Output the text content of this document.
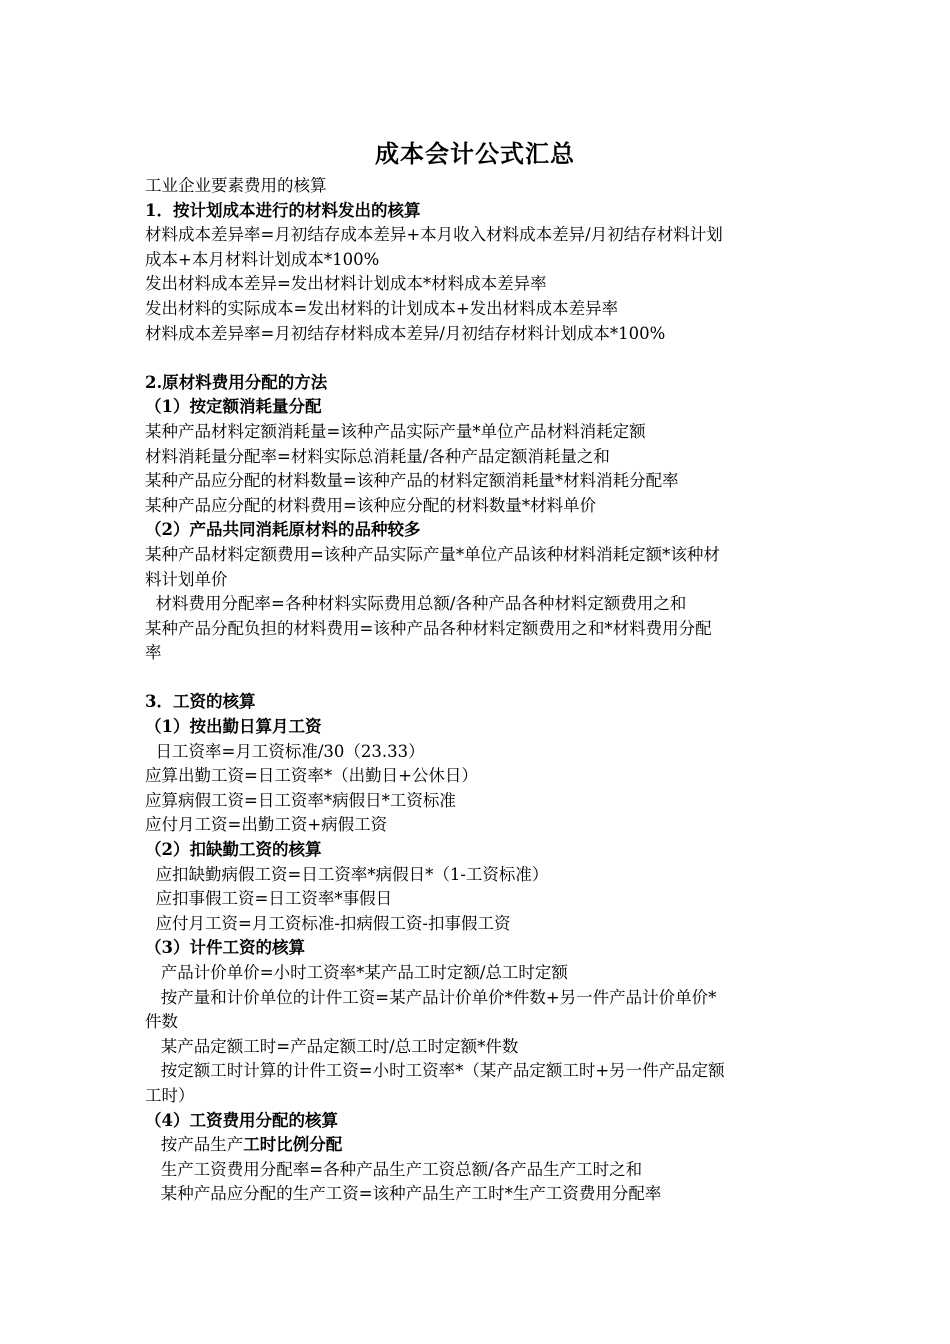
成本会计公式汇总

工业企业要素费用的核算

1．按计划成本进行的材料发出的核算

材料成本差异率=月初结存成本差异+本月收入材料成本差异/月初结存材料计划

成本+本月材料计划成本*100%

发出材料成本差异=发出材料计划成本*材料成本差异率

发出材料的实际成本=发出材料的计划成本+发出材料成本差异率

材料成本差异率=月初结存材料成本差异/月初结存材料计划成本*100%

2.原材料费用分配的方法

（1）按定额消耗量分配

某种产品材料定额消耗量=该种产品实际产量*单位产品材料消耗定额

材料消耗量分配率=材料实际总消耗量/各种产品定额消耗量之和

某种产品应分配的材料数量=该种产品的材料定额消耗量*材料消耗分配率

某种产品应分配的材料费用=该种应分配的材料数量*材料单价

（2）产品共同消耗原材料的品种较多

某种产品材料定额费用=该种产品实际产量*单位产品该种材料消耗定额*该种材

料计划单价

材料费用分配率=各种材料实际费用总额/各种产品各种材料定额费用之和

某种产品分配负担的材料费用=该种产品各种材料定额费用之和*材料费用分配

率

3．工资的核算

（1）按出勤日算月工资

日工资率=月工资标准/30（23.33）

应算出勤工资=日工资率*（出勤日+公休日）

应算病假工资=日工资率*病假日*工资标准

应付月工资=出勤工资+病假工资

（2）扣缺勤工资的核算

应扣缺勤病假工资=日工资率*病假日*（1-工资标准）

应扣事假工资=日工资率*事假日

应付月工资=月工资标准-扣病假工资-扣事假工资

（3）计件工资的核算

产品计价单价=小时工资率*某产品工时定额/总工时定额

按产量和计价单位的计件工资=某产品计价单价*件数+另一件产品计价单价*

件数

某产品定额工时=产品定额工时/总工时定额*件数

按定额工时计算的计件工资=小时工资率*（某产品定额工时+另一件产品定额

工时）

（4）工资费用分配的核算

按产品生产工时比例分配

生产工资费用分配率=各种产品生产工资总额/各产品生产工时之和

某种产品应分配的生产工资=该种产品生产工时*生产工资费用分配率
